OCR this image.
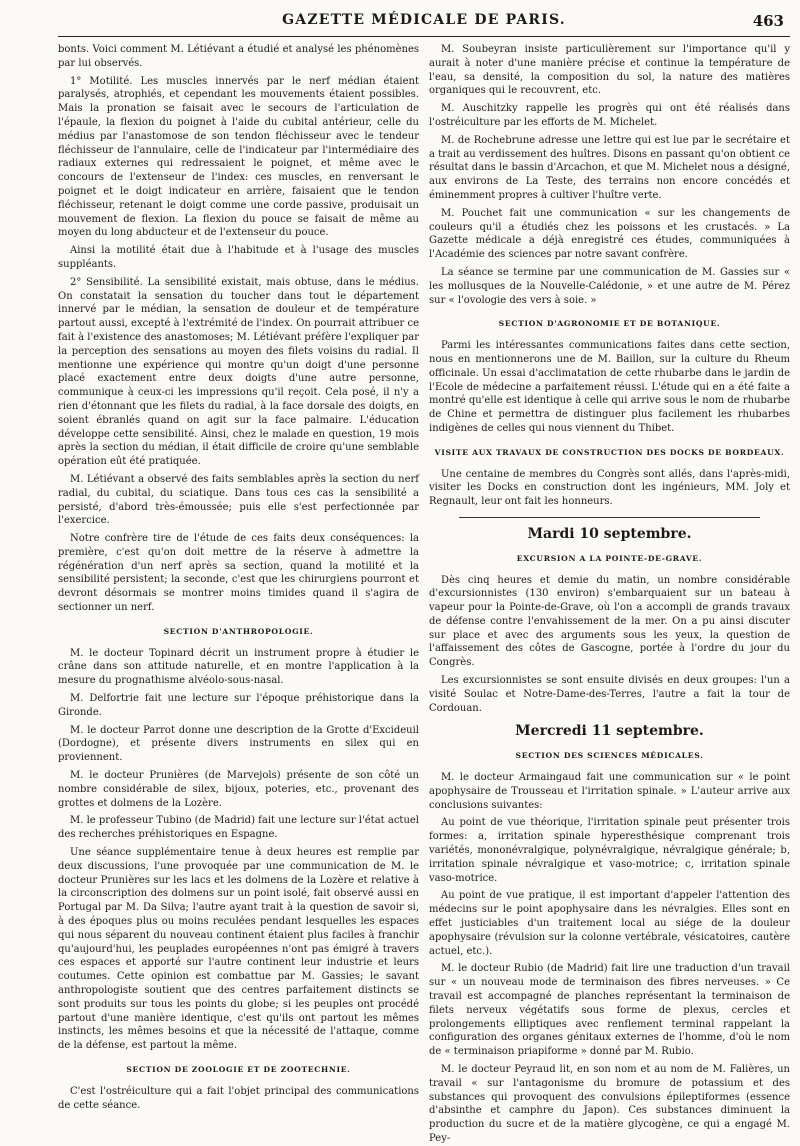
GAZETTE MÉDICALE DE PARIS.	463

bonts. Voici comment M. Létiévant a étudié et analysé les phénomènes par lui observés.

1° Motilité. Les muscles innervés par le nerf médian étaient paralysés, atrophiés, et cependant les mouvements étaient possibles. Mais la pronation se faisait avec le secours de l'articulation de l'épaule, la flexion du poignet à l'aide du cubital antérieur, celle du médius par l'anastomose de son tendon fléchisseur avec le tendeur fléchisseur de l'annulaire, celle de l'indicateur par l'intermédiaire des radiaux externes qui redressaient le poignet, et même avec le concours de l'extenseur de l'index: ces muscles, en renversant le poignet et le doigt indicateur en arrière, faisaient que le tendon fléchisseur, retenant le doigt comme une corde passive, produisait un mouvement de flexion. La flexion du pouce se faisait de même au moyen du long abducteur et de l'extenseur du pouce.

Ainsi la motilité était due à l'habitude et à l'usage des muscles suppléants.

2° Sensibilité. La sensibilité existait, mais obtuse, dans le médius. On constatait la sensation du toucher dans tout le département innervé par le médian, la sensation de douleur et de température partout aussi, excepté à l'extrémité de l'index. On pourrait attribuer ce fait à l'existence des anastomoses; M. Létiévant préfère l'expliquer par la perception des sensations au moyen des filets voisins du radial. Il mentionne une expérience qui montre qu'un doigt d'une personne placé exactement entre deux doigts d'une autre personne, communique à ceux-ci les impressions qu'il reçoit. Cela posé, il n'y a rien d'étonnant que les filets du radial, à la face dorsale des doigts, en soient ébranlés quand on agit sur la face palmaire. L'éducation développe cette sensibilité. Ainsi, chez le malade en question, 19 mois après la section du médian, il était difficile de croire qu'une semblable opération eût été pratiquée.

M. Létiévant a observé des faits semblables après la section du nerf radial, du cubital, du sciatique. Dans tous ces cas la sensibilité a persisté, d'abord très-émoussée; puis elle s'est perfectionnée par l'exercice.

Notre confrère tire de l'étude de ces faits deux conséquences: la première, c'est qu'on doit mettre de la réserve à admettre la régénération d'un nerf après sa section, quand la motilité et la sensibilité persistent; la seconde, c'est que les chirurgiens pourront et devront désormais se montrer moins timides quand il s'agira de sectionner un nerf.

SECTION D'ANTHROPOLOGIE.

M. le docteur Topinard décrit un instrument propre à étudier le crâne dans son attitude naturelle, et en montre l'application à la mesure du prognathisme alvéolo-sous-nasal.

M. Delfortrie fait une lecture sur l'époque préhistorique dans la Gironde.

M. le docteur Parrot donne une description de la Grotte d'Excideuil (Dordogne), et présente divers instruments en silex qui en proviennent.

M. le docteur Prunières (de Marvejols) présente de son côté un nombre considérable de silex, bijoux, poteries, etc., provenant des grottes et dolmens de la Lozère.

M. le professeur Tubino (de Madrid) fait une lecture sur l'état actuel des recherches préhistoriques en Espagne.

Une séance supplémentaire tenue à deux heures est remplie par deux discussions, l'une provoquée par une communication de M. le docteur Prunières sur les lacs et les dolmens de la Lozère et relative à la circonscription des dolmens sur un point isolé, fait observé aussi en Portugal par M. Da Silva; l'autre ayant trait à la question de savoir si, à des époques plus ou moins reculées pendant lesquelles les espaces qui nous séparent du nouveau continent étaient plus faciles à franchir qu'aujourd'hui, les peuplades européennes n'ont pas émigré à travers ces espaces et apporté sur l'autre continent leur industrie et leurs coutumes. Cette opinion est combattue par M. Gassies; le savant anthropologiste soutient que des centres parfaitement distincts se sont produits sur tous les points du globe; si les peuples ont procédé partout d'une manière identique, c'est qu'ils ont partout les mêmes instincts, les mêmes besoins et que la nécessité de l'attaque, comme de la défense, est partout la même.

SECTION DE ZOOLOGIE ET DE ZOOTECHNIE.

C'est l'ostréiculture qui a fait l'objet principal des communications de cette séance.

M. Soubeyran insiste particulièrement sur l'importance qu'il y aurait à noter d'une manière précise et continue la température de l'eau, sa densité, la composition du sol, la nature des matières organiques qui le recouvrent, etc.

M. Auschitzky rappelle les progrès qui ont été réalisés dans l'ostréiculture par les efforts de M. Michelet.

M. de Rochebrune adresse une lettre qui est lue par le secrétaire et a trait au verdissement des huîtres. Disons en passant qu'on obtient ce résultat dans le bassin d'Arcachon, et que M. Michelet nous a désigné, aux environs de La Teste, des terrains non encore concédés et éminemment propres à cultiver l'huître verte.

M. Pouchet fait une communication « sur les changements de couleurs qu'il a étudiés chez les poissons et les crustacés. » La Gazette médicale a déjà enregistré ces études, communiquées à l'Académie des sciences par notre savant confrère.

La séance se termine par une communication de M. Gassies sur « les mollusques de la Nouvelle-Calédonie, » et une autre de M. Pérez sur « l'ovologie des vers à soie. »

SECTION D'AGRONOMIE ET DE BOTANIQUE.

Parmi les intéressantes communications faites dans cette section, nous en mentionnerons une de M. Baillon, sur la culture du Rheum officinale. Un essai d'acclimatation de cette rhubarbe dans le jardin de l'Ecole de médecine a parfaitement réussi. L'étude qui en a été faite a montré qu'elle est identique à celle qui arrive sous le nom de rhubarbe de Chine et permettra de distinguer plus facilement les rhubarbes indigènes de celles qui nous viennent du Thibet.

VISITE AUX TRAVAUX DE CONSTRUCTION DES DOCKS DE BORDEAUX.

Une centaine de membres du Congrès sont allés, dans l'après-midi, visiter les Docks en construction dont les ingénieurs, MM. Joly et Regnault, leur ont fait les honneurs.

Mardi 10 septembre.
EXCURSION A LA POINTE-DE-GRAVE.

Dès cinq heures et demie du matin, un nombre considérable d'excursionnistes (130 environ) s'embarquaient sur un bateau à vapeur pour la Pointe-de-Grave, où l'on a accompli de grands travaux de défense contre l'envahissement de la mer. On a pu ainsi discuter sur place et avec des arguments sous les yeux, la question de l'affaissement des côtes de Gascogne, portée à l'ordre du jour du Congrès.

Les excursionnistes se sont ensuite divisés en deux groupes: l'un a visité Soulac et Notre-Dame-des-Terres, l'autre a fait la tour de Cordouan.

Mercredi 11 septembre.
SECTION DES SCIENCES MÉDICALES.

M. le docteur Armaingaud fait une communication sur « le point apophysaire de Trousseau et l'irritation spinale. » L'auteur arrive aux conclusions suivantes:

Au point de vue théorique, l'irritation spinale peut présenter trois formes: a, irritation spinale hyperesthésique comprenant trois variétés, mononévralgique, polynévralgique, névralgique générale; b, irritation spinale névralgique et vaso-motrice; c, irritation spinale vaso-motrice.

Au point de vue pratique, il est important d'appeler l'attention des médecins sur le point apophysaire dans les névralgies. Elles sont en effet justiciables d'un traitement local au siége de la douleur apophysaire (révulsion sur la colonne vertébrale, vésicatoires, cautère actuel, etc.).

M. le docteur Rubio (de Madrid) fait lire une traduction d'un travail sur « un nouveau mode de terminaison des fibres nerveuses. » Ce travail est accompagné de planches représentant la terminaison de filets nerveux végétatifs sous forme de plexus, cercles et prolongements elliptiques avec renflement terminal rappelant la configuration des organes génitaux externes de l'homme, d'où le nom de « terminaison priapiforme » donné par M. Rubio.

M. le docteur Peyraud lit, en son nom et au nom de M. Falières, un travail « sur l'antagonisme du bromure de potassium et des substances qui provoquent des convulsions épileptiformes (essence d'absinthe et camphre du Japon). Ces substances diminuent la production du sucre et de la matière glycogène, ce qui a engagé M. Pey-
